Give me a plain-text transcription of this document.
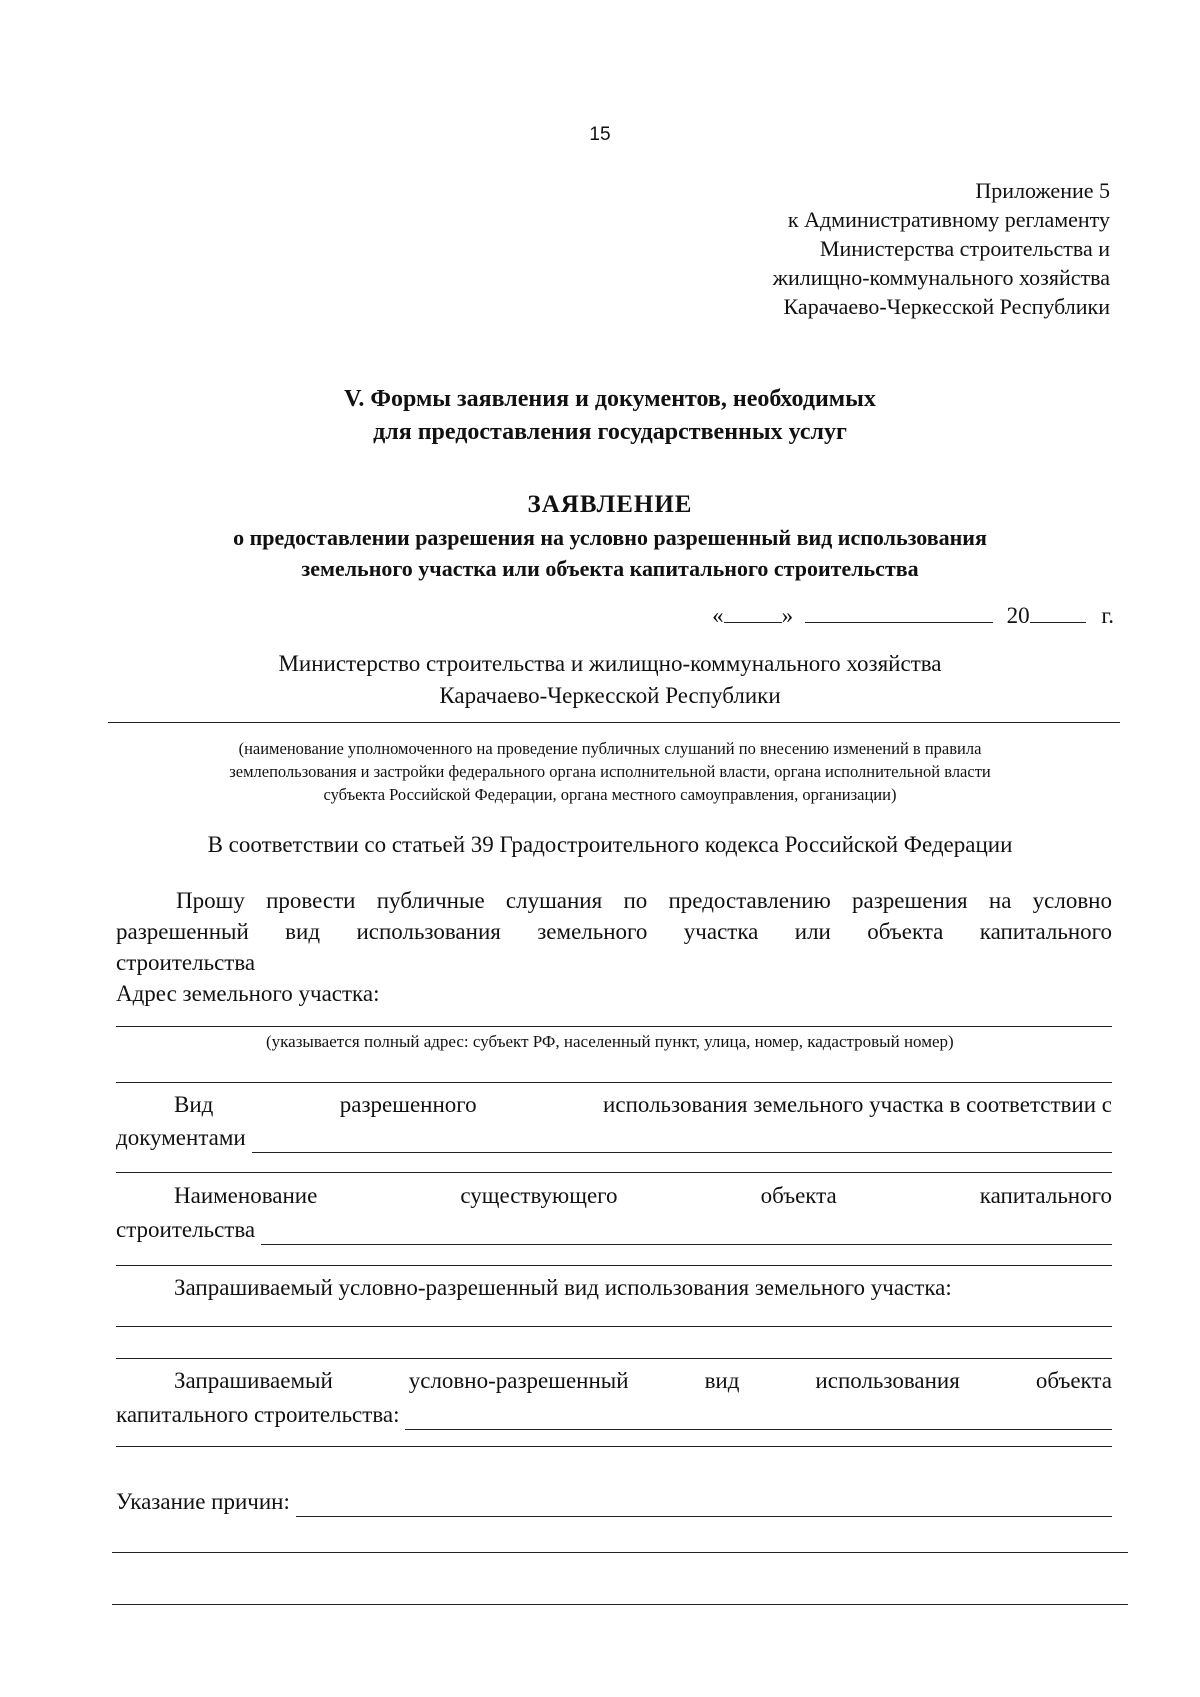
15
Приложение 5
к Административному регламенту
Министерства строительства и
жилищно-коммунального хозяйства
Карачаево-Черкесской Республики
V. Формы заявления и документов, необходимых
для предоставления государственных услуг
ЗАЯВЛЕНИЕ
о предоставлении разрешения на условно разрешенный вид использования
земельного участка или объекта капитального строительства
«	»	20	г.
Министерство строительства и жилищно-коммунального хозяйства
Карачаево-Черкесской Республики
(наименование уполномоченного на проведение публичных слушаний по внесению изменений в правила
землепользования и застройки федерального органа исполнительной власти, органа исполнительной власти
субъекта Российской Федерации, органа местного самоуправления, организации)
В соответствии со статьей 39 Градостроительного кодекса Российской Федерации
Прошу провести публичные слушания по предоставлению разрешения на условно
разрешенный вид использования земельного участка или объекта капитального
строительства
Адрес земельного участка:
(указывается полный адрес: субъект РФ, населенный пункт, улица, номер, кадастровый номер)
Вид	разрешенного	использования земельного участка в соответствии с
документами
Наименование	существующего	объекта	капитального
строительства
Запрашиваемый условно-разрешенный вид использования земельного участка:
Запрашиваемый	условно-разрешенный	вид	использования	объекта
капитального строительства:
Указание причин:
